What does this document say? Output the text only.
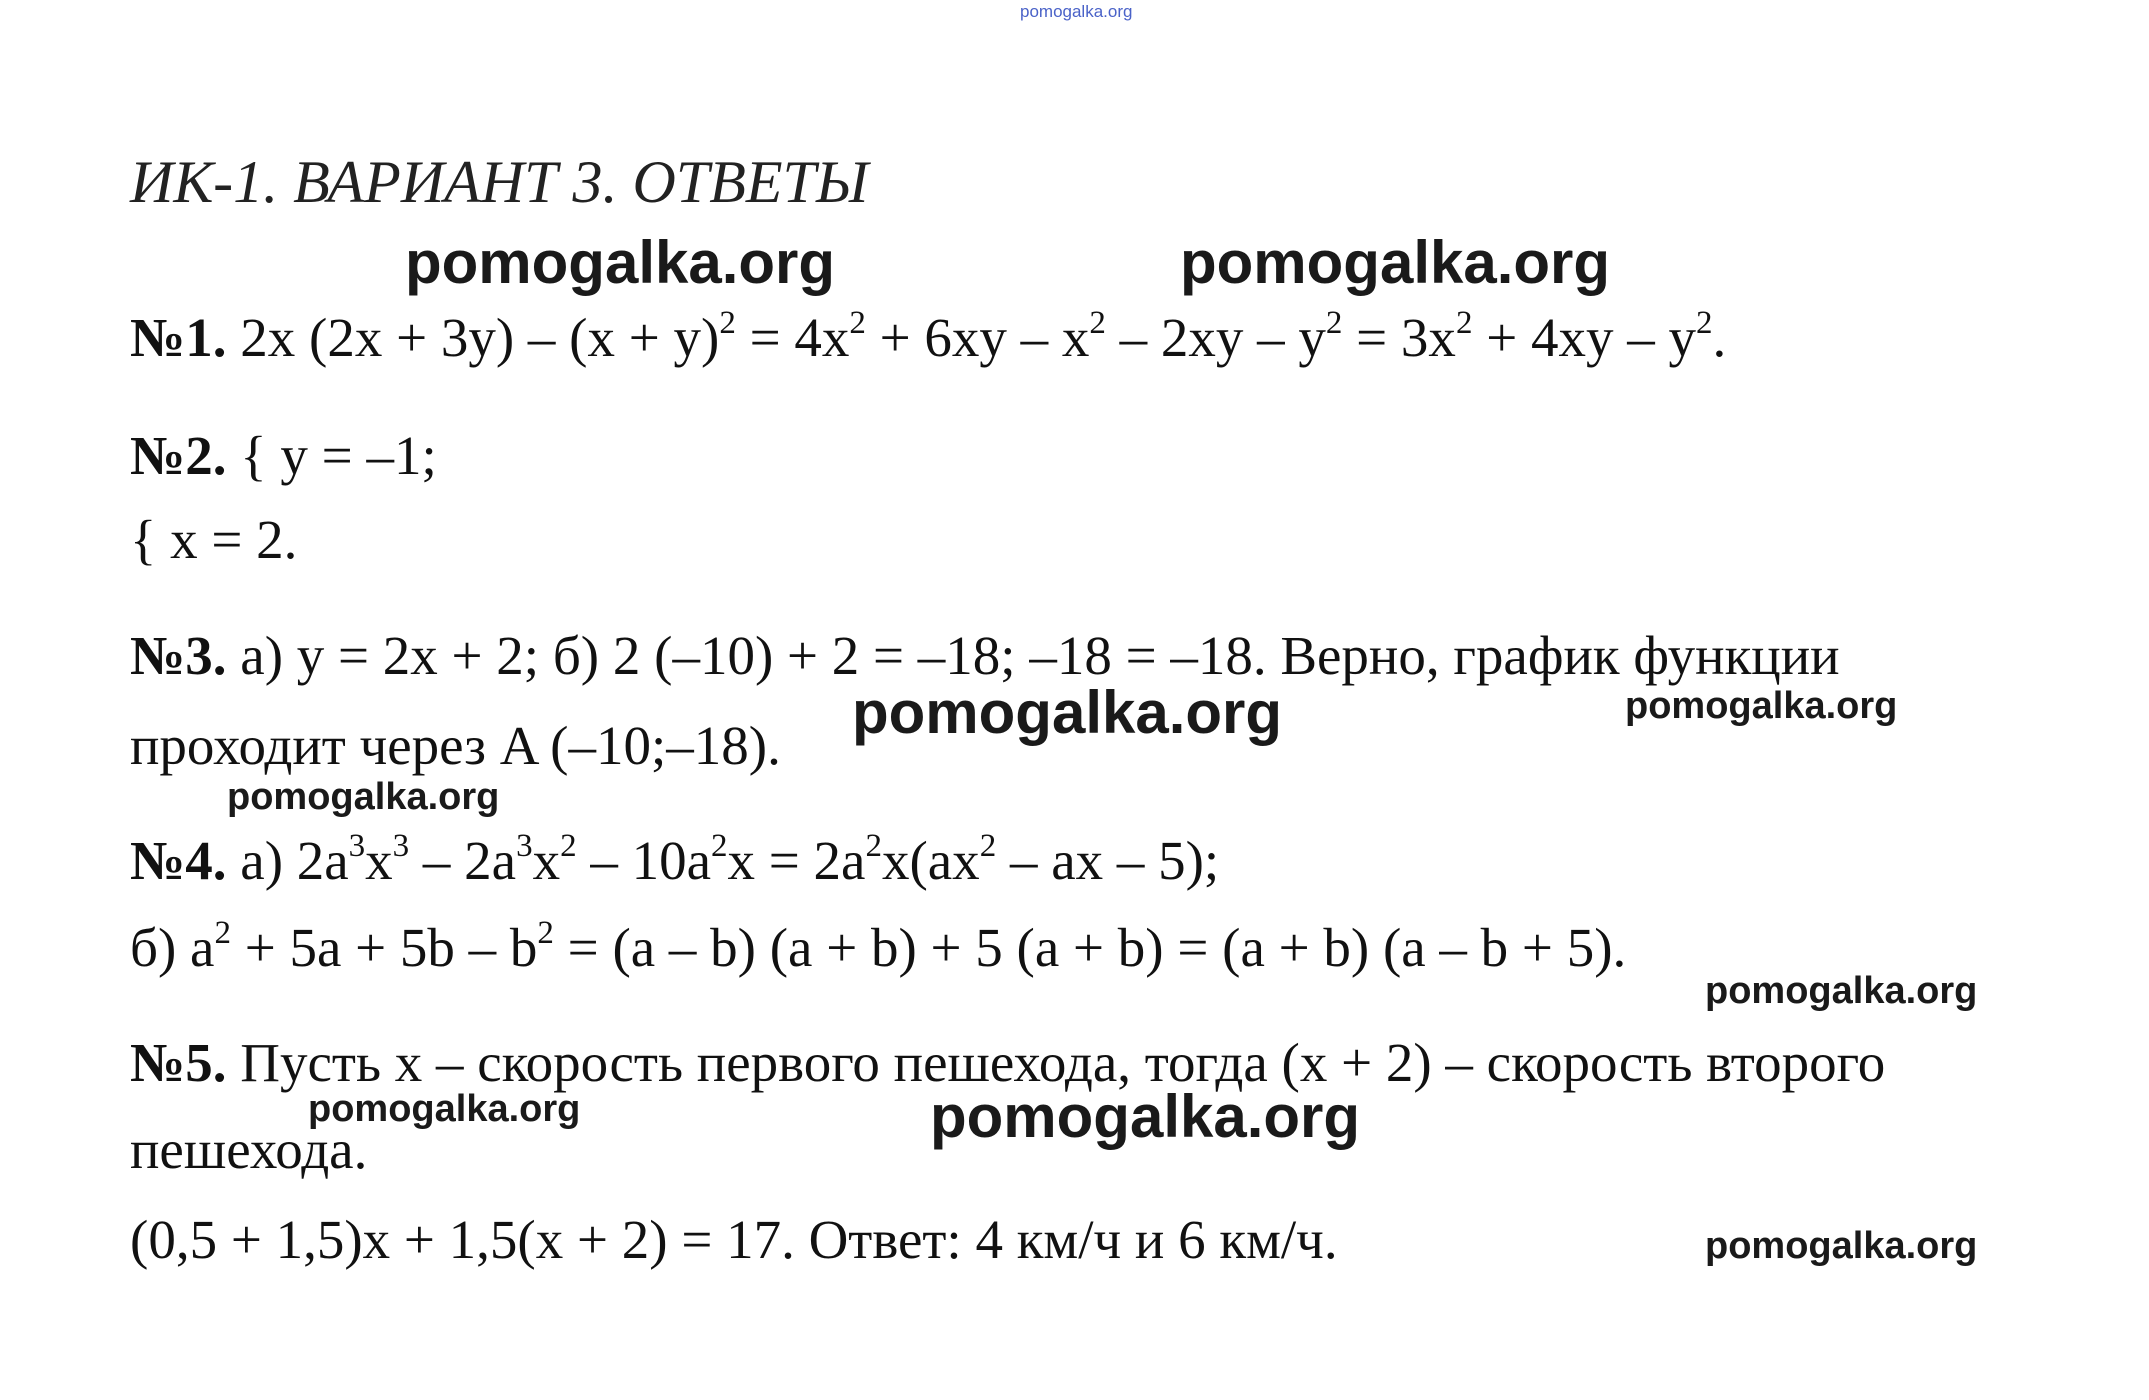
pomogalka.org
ИК-1. ВАРИАНТ 3. ОТВЕТЫ
№1. 2x $(2x + 3y) - (x + y)^2 = 4x^2 + 6xy - x^2 - 2xy - y^2 = 3x^2 + 4xy - y^2$.
№2. { y = –1;
{ x = 2.
№3. а) y = 2x + 2; б) 2 (–10) + 2 = –18; –18 = –18. Верно, график функции
проходит через A (–10;–18).
№4. а) $2a^3x^3 - 2a^3x^2 - 10a^2x = 2a^2x(ax^2$ – ax – 5);
б) $a^2 + 5a + 5b - b^2 = (a - b) (a + b) + 5$ (a + b) = (a + b) (a – b + 5).
№5. Пусть x – скорость первого пешехода, тогда (x + 2) – скорость второго
пешехода.
(0,5 + 1,5)x + 1,5(x + 2) = 17. Ответ: 4 км/ч и 6 км/ч.
pomogalka.org	pomogalka.org
pomogalka.org	pomogalka.org
pomogalka.org
pomogalka.org
pomogalka.org	pomogalka.org
pomogalka.org
